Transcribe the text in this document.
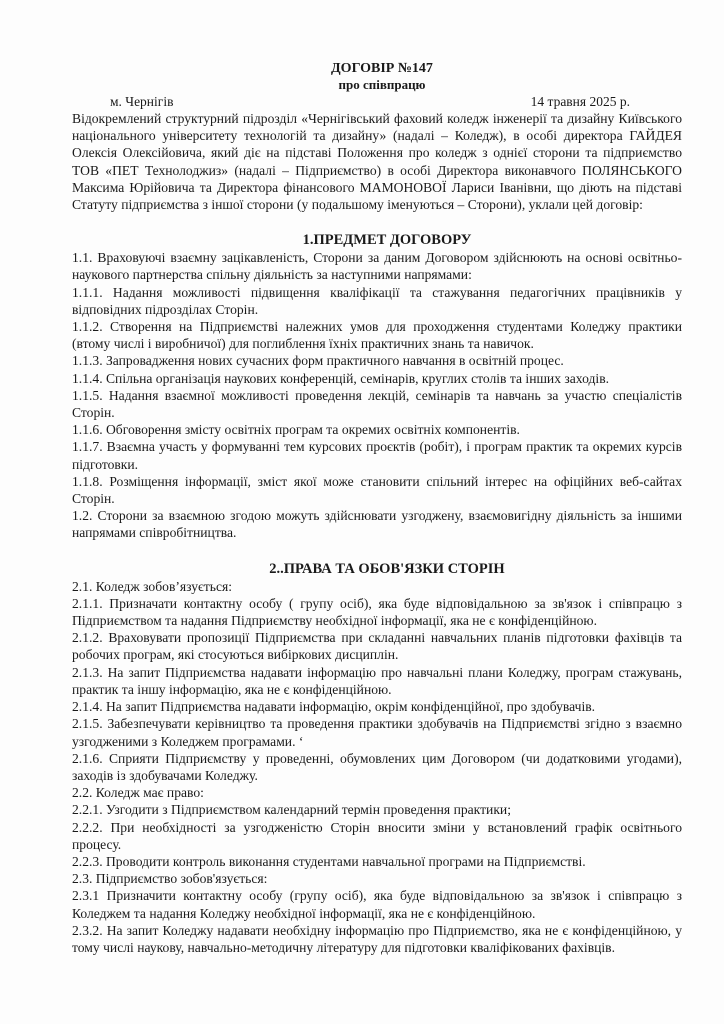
ДОГОВІР №147

про співпрацю

м. Чернігів	14 травня 2025 р.

Відокремлений структурний підрозділ «Чернігівський фаховий коледж інженерії та дизайну Київського національного університету технологій та дизайну» (надалі – Коледж), в особі директора ГАЙДЕЯ Олексія Олексійовича, який діє на підставі Положення про коледж з однієї сторони та підприємство ТОВ «ПЕТ Технолоджиз» (надалі – Підприємство) в особі Директора виконавчого ПОЛЯНСЬКОГО Максима Юрійовича та Директора фінансового МАМОНОВОЇ Лариси Іванівни, що діють на підставі Статуту підприємства з іншої сторони (у подальшому іменуються – Сторони), уклали цей договір:

1.ПРЕДМЕТ ДОГОВОРУ

1.1. Враховуючі взаємну зацікавленість, Сторони за даним Договором здійснюють на основі освітньо-наукового партнерства спільну діяльність за наступними напрямами:

1.1.1. Надання можливості підвищення кваліфікації та стажування педагогічних працівників у відповідних підрозділах Сторін.

1.1.2. Створення на Підприємстві належних умов для проходження студентами Коледжу практики (втому числі і виробничої) для поглиблення їхніх практичних знань та навичок.

1.1.3. Запровадження нових сучасних форм практичного навчання в освітній процес.

1.1.4. Спільна організація наукових конференцій, семінарів, круглих столів та інших заходів.

1.1.5. Надання взаємної можливості проведення лекцій, семінарів та навчань за участю спеціалістів Сторін.

1.1.6. Обговорення змісту освітніх програм та окремих освітніх компонентів.

1.1.7. Взаємна участь у формуванні тем курсових проєктів (робіт), і програм практик та окремих курсів підготовки.

1.1.8. Розміщення інформації, зміст якої може становити спільний інтерес на офіційних веб-сайтах Сторін.

1.2. Сторони за взаємною згодою можуть здійснювати узгоджену, взаємовигідну діяльність за іншими напрямами співробітництва.

2..ПРАВА ТА ОБОВ'ЯЗКИ СТОРІН

2.1. Коледж зобов’язується:

2.1.1. Призначати контактну особу ( групу осіб), яка буде відповідальною за зв'язок і співпрацю з Підприємством та надання Підприємству необхідної інформації, яка не є конфіденційною.

2.1.2. Враховувати пропозиції Підприємства при складанні навчальних планів підготовки фахівців та робочих програм, які стосуються вибіркових дисциплін.

2.1.3. На запит Підприємства надавати інформацію про навчальні плани Коледжу, програм стажувань, практик та іншу інформацію, яка не є конфіденційною.

2.1.4. На запит Підприємства надавати інформацію, окрім конфіденційної, про здобувачів.

2.1.5. Забезпечувати керівництво та проведення практики здобувачів на Підприємстві згідно з взаємно узгодженими з Коледжем програмами. ‘

2.1.6. Сприяти Підприємству у проведенні, обумовлених цим Договором (чи додатковими угодами), заходів із здобувачами Коледжу.

2.2. Коледж має право:

2.2.1. Узгодити з Підприємством календарний термін проведення практики;

2.2.2. При необхідності за узгодженістю Сторін вносити зміни у встановлений графік освітнього процесу.

2.2.3. Проводити контроль виконання студентами навчальної програми на Підприємстві.

2.3. Підприємство зобов'язується:

2.3.1 Призначити контактну особу (групу осіб), яка буде відповідальною за зв'язок і співпрацю з Коледжем та надання Коледжу необхідної інформації, яка не є конфіденційною.

2.3.2. На запит Коледжу надавати необхідну інформацію про Підприємство, яка не є конфіденційною, у тому числі наукову, навчально-методичну літературу для підготовки кваліфікованих фахівців.
